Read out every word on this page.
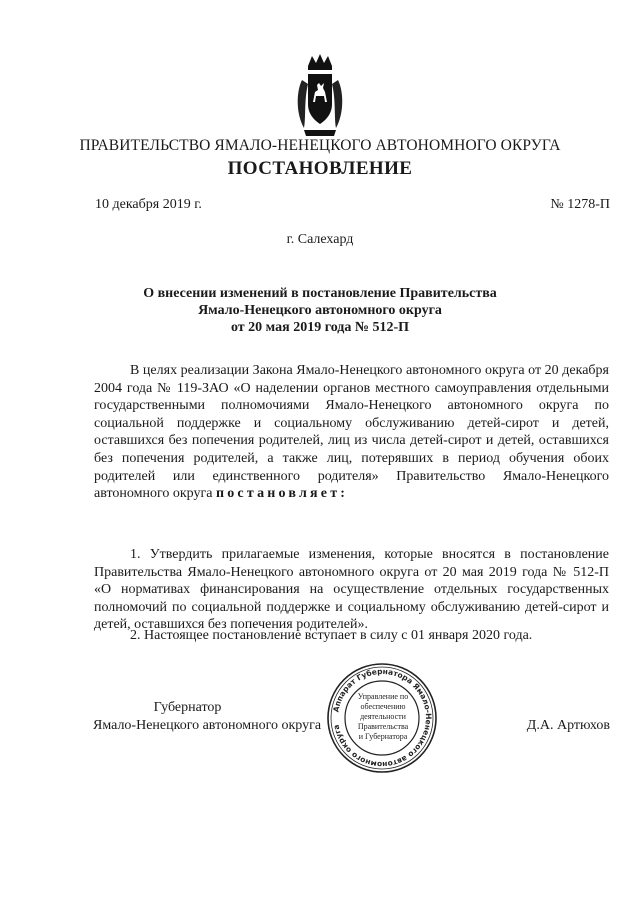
ПРАВИТЕЛЬСТВО ЯМАЛО-НЕНЕЦКОГО АВТОНОМНОГО ОКРУГА
ПОСТАНОВЛЕНИЕ
10 декабря 2019 г.	№ 1278-П
г. Салехард
О внесении изменений в постановление Правительства
Ямало-Ненецкого автономного округа
от 20 мая 2019 года № 512-П
В целях реализации Закона Ямало-Ненецкого автономного округа от 20 декабря 2004 года № 119-ЗАО «О наделении органов местного самоуправления отдельными государственными полномочиями Ямало-Ненецкого автономного округа по социальной поддержке и социальному обслуживанию детей-сирот и детей, оставшихся без попечения родителей, лиц из числа детей-сирот и детей, оставшихся без попечения родителей, а также лиц, потерявших в период обучения обоих родителей или единственного родителя» Правительство Ямало-Ненецкого автономного округа постановляет:
1. Утвердить прилагаемые изменения, которые вносятся в постановление Правительства Ямало-Ненецкого автономного округа от 20 мая 2019 года № 512-П «О нормативах финансирования на осуществление отдельных государственных полномочий по социальной поддержке и социальному обслуживанию детей-сирот и детей, оставшихся без попечения родителей».
2. Настоящее постановление вступает в силу с 01 января 2020 года.
Губернатор
Ямало-Ненецкого автономного округа	Д.А. Артюхов
Аппарат Губернатора Ямало-Ненецкого автономного округа
Управление по
обеспечению
деятельности
Правительства
и Губернатора
